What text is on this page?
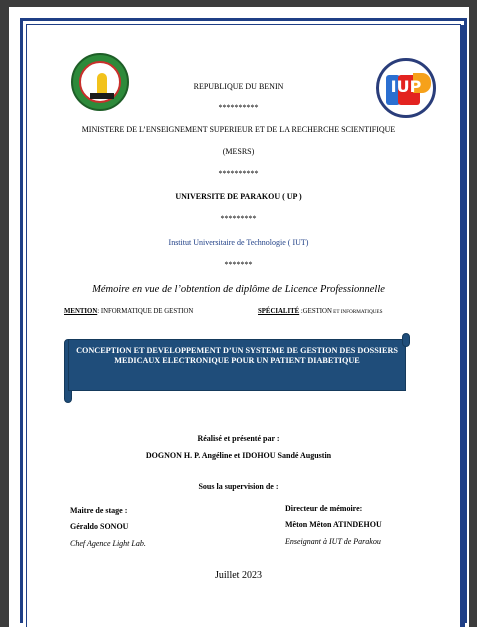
IUP
REPUBLIQUE DU BENIN
**********
MINISTERE DE L’ENSEIGNEMENT SUPERIEUR ET DE LA RECHERCHE SCIENTIFIQUE
(MESRS)
**********
UNIVERSITE DE PARAKOU ( UP )
*********
Institut Universitaire de Technologie ( IUT)
*******
Mémoire en vue de l’obtention de diplôme de Licence Professionnelle
MENTION: INFORMATIQUE DE GESTION	SPÉCIALITÉ :GESTION ET INFORMATIQUES
CONCEPTION ET DEVELOPPEMENT D’UN SYSTEME DE GESTION DES DOSSIERS MEDICAUX ELECTRONIQUE POUR UN PATIENT DIABETIQUE
Réalisé et présenté par :
DOGNON H. P. Angéline et IDOHOU Sandé Augustin
Sous la supervision de :
Maitre de stage :
Géraldo SONOU
Chef Agence Light Lab.
Directeur de mémoire:
Mêton Mêton ATINDEHOU
Enseignant à IUT de Parakou
Juillet 2023
